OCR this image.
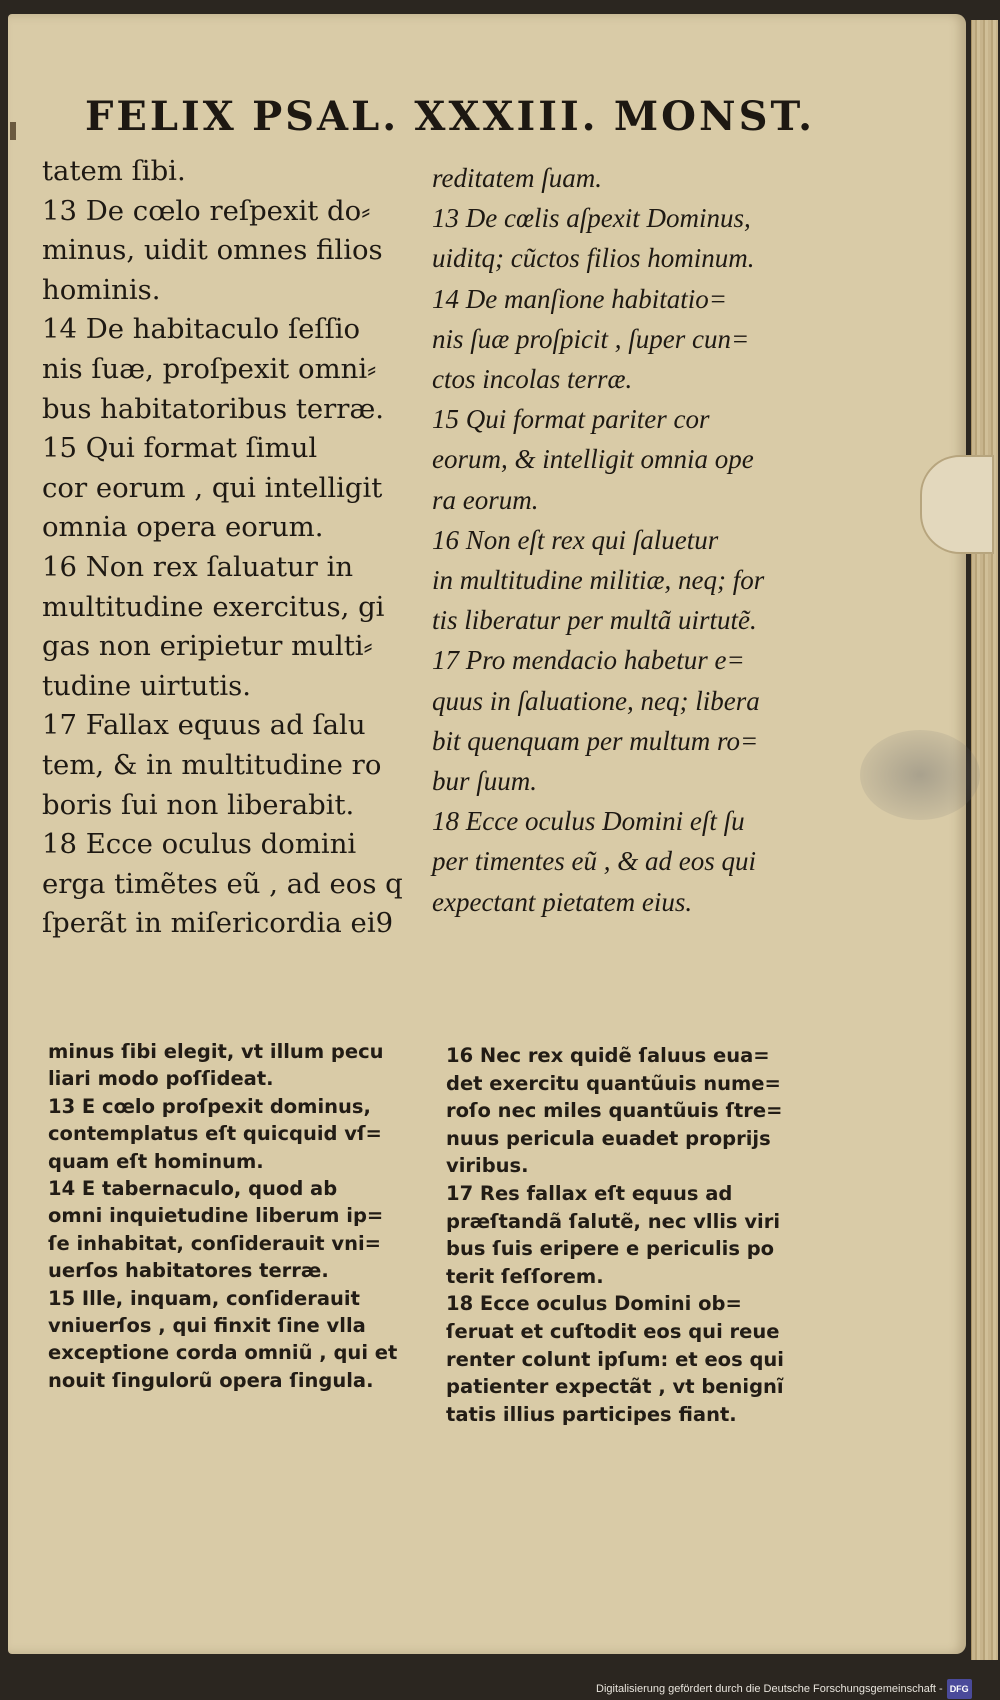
FELIX PSAL. XXXIII. MONST.
tatem ſibi.
13 De cœlo reſpexit do⸗
minus, uidit omnes filios
hominis.
14 De habitaculo ſeſſio
nis ſuæ, proſpexit omni⸗
bus habitatoribus terræ.
15 Qui format ſimul
cor eorum , qui intelligit
omnia opera eorum.
16 Non rex ſaluatur in
multitudine exercitus, gi
gas non eripietur multi⸗
tudine uirtutis.
17 Fallax equus ad ſalu
tem, & in multitudine ro
boris ſui non liberabit.
18 Ecce oculus domini
erga timẽtes eũ , ad eos q
ſperãt in miſericordia ei9
reditatem ſuam.
13 De cœlis aſpexit Dominus,
uiditq; cũctos filios hominum.
14 De manſione habitatio=
nis ſuæ proſpicit , ſuper cun=
ctos incolas terræ.
15 Qui format pariter cor
eorum, & intelligit omnia ope
ra eorum.
16 Non eſt rex qui ſaluetur
in multitudine militiæ, neq; for
tis liberatur per multã uirtutẽ.
17 Pro mendacio habetur e=
quus in ſaluatione, neq; libera
bit quenquam per multum ro=
bur ſuum.
18 Ecce oculus Domini eſt ſu
per timentes eũ , & ad eos qui
expectant pietatem eius.
minus ſibi elegit, vt illum pecu
liari modo poſſideat.
13 E cœlo proſpexit dominus,
contemplatus eſt quicquid vſ=
quam eſt hominum.
14 E tabernaculo, quod ab
omni inquietudine liberum ip=
ſe inhabitat, conſiderauit vni=
uerſos habitatores terræ.
15 Ille, inquam, conſiderauit
vniuerſos , qui finxit ſine vlla
exceptione corda omniũ , qui et
nouit ſingulorũ opera ſingula.
16 Nec rex quidẽ ſaluus eua=
det exercitu quantũuis nume=
roſo nec miles quantũuis ſtre=
nuus pericula euadet proprijs
viribus.
17 Res fallax eſt equus ad
præſtandã ſalutẽ, nec vllis viri
bus ſuis eripere e periculis po
terit ſeſſorem.
18 Ecce oculus Domini ob=
ſeruat et cuſtodit eos qui reue
renter colunt ipſum: et eos qui
patienter expectãt , vt benignĩ
tatis illius participes fiant.
Digitalisierung gefördert durch die Deutsche Forschungsgemeinschaft - DFG
